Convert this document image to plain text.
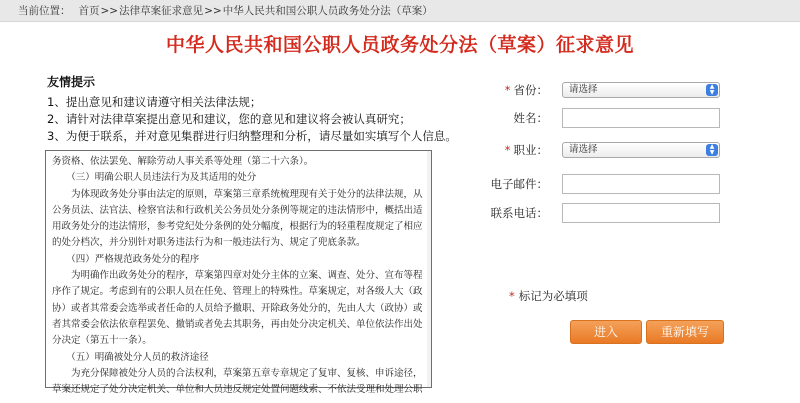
当前位置： 首页>>法律草案征求意见>>中华人民共和国公职人员政务处分法（草案）
中华人民共和国公职人员政务处分法（草案）征求意见
友情提示
1、提出意见和建议请遵守相关法律法规；
2、请针对法律草案提出意见和建议，您的意见和建议将会被认真研究；
3、为便于联系，并对意见集群进行归纳整理和分析，请尽量如实填写个人信息。

务资格、依法罢免、解除劳动人事关系等处理（第二十六条）。

　　（三）明确公职人员违法行为及其适用的处分

　　为体现政务处分事由法定的原则，草案第三章系统梳理现有关于处分的法律法规，从

公务员法、法官法、检察官法和行政机关公务员处分条例等规定的违法情形中，概括出适

用政务处分的违法情形，参考党纪处分条例的处分幅度，根据行为的轻重程度规定了相应

的处分档次，并分别针对职务违法行为和一般违法行为、规定了兜底条款。

　　（四）严格规范政务处分的程序

　　为明确作出政务处分的程序，草案第四章对处分主体的立案、调查、处分、宣布等程

序作了规定。考虑到有的公职人员在任免、管理上的特殊性。草案规定，对各级人大（政

协）或者其常委会选举或者任命的人员给予撤职、开除政务处分的，先由人大（政协）或

者其常委会依法依章程罢免、撤销或者免去其职务，再由处分决定机关、单位依法作出处

分决定（第五十一条）。

　　（五）明确被处分人员的救济途径

　　为充分保障被处分人员的合法权利，草案第五章专章规定了复审、复核、申诉途径，

草案还规定了处分决定机关、单位和人员违反规定处置问题线索、不依法受理和处理公职

* 省份：	请选择	▲
▼
姓名：
* 职业：	请选择	▲
▼
电子邮件：
联系电话：
* 标记为必填项
进入	重新填写
